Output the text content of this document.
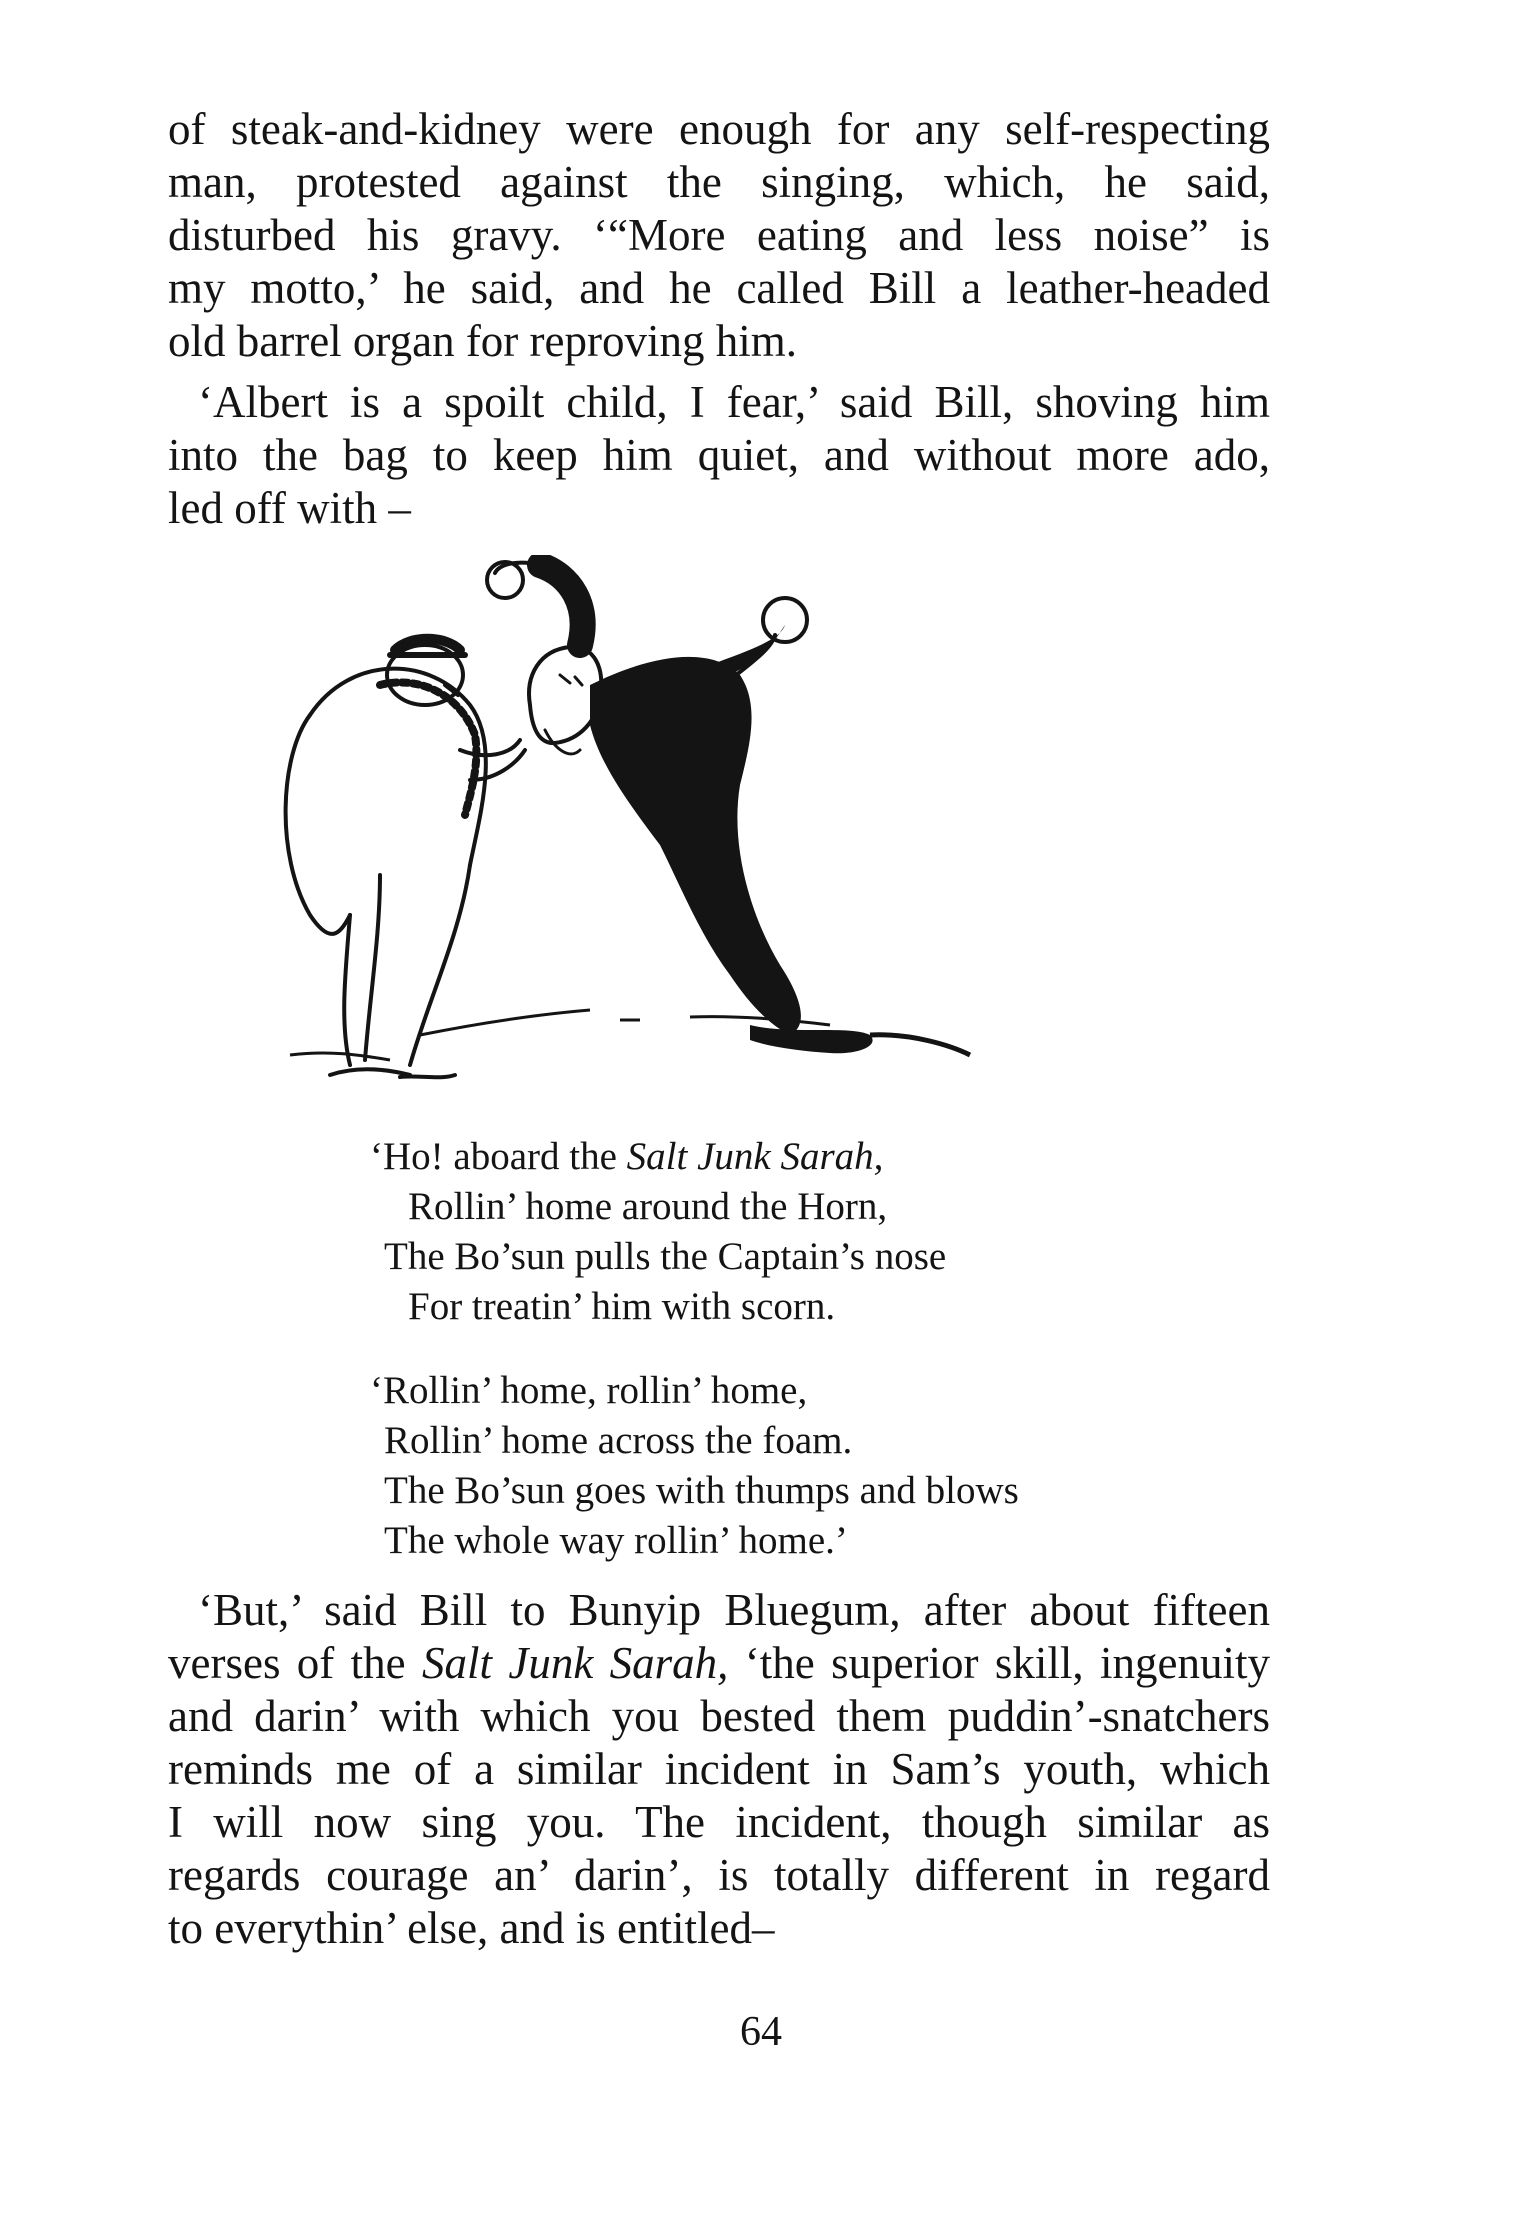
of steak-and-kidney were enough for any self-respecting
man, protested against the singing, which, he said,
disturbed his gravy. ‘“More eating and less noise” is
my motto,’ he said, and he called Bill a leather-headed
old barrel organ for reproving him.
‘Albert is a spoilt child, I fear,’ said Bill, shoving him
into the bag to keep him quiet, and without more ado,
led off with –
‘Ho! aboard the Salt Junk Sarah,
Rollin’ home around the Horn,
The Bo’sun pulls the Captain’s nose
For treatin’ him with scorn.
‘Rollin’ home, rollin’ home,
Rollin’ home across the foam.
The Bo’sun goes with thumps and blows
The whole way rollin’ home.’
‘But,’ said Bill to Bunyip Bluegum, after about fifteen
verses of the Salt Junk Sarah, ‘the superior skill, ingenuity
and darin’ with which you bested them puddin’-snatchers
reminds me of a similar incident in Sam’s youth, which
I will now sing you. The incident, though similar as
regards courage an’ darin’, is totally different in regard
to everythin’ else, and is entitled–
64
